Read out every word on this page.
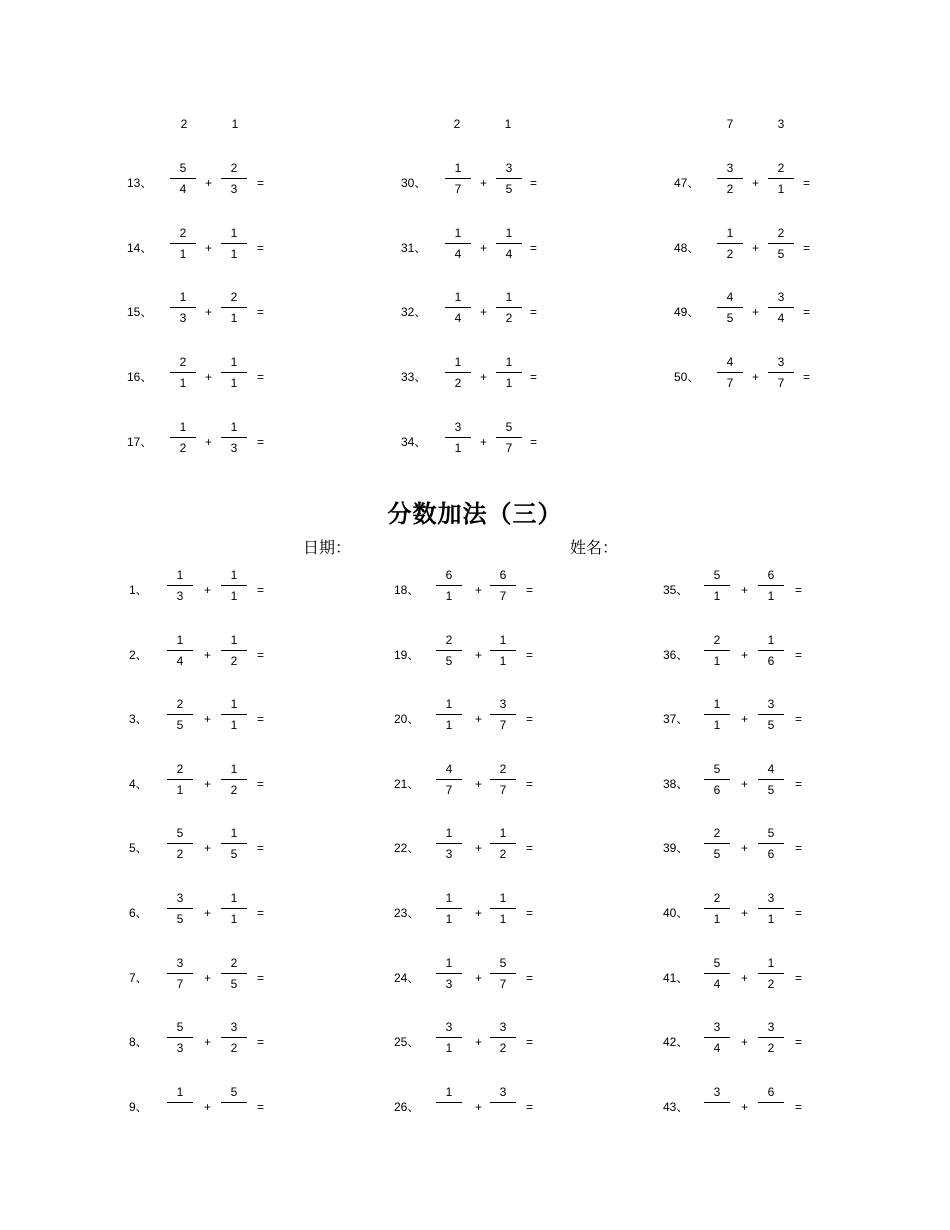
2	1	2	1	7	3
13、
5
4	+
2
3	=
14、
2
1	+
1
1	=
15、
1
3	+
2
1	=
16、
2
1	+
1
1	=
17、
1
2	+
1
3	=
30、
1
7	+
3
5	=
31、
1
4	+
1
4	=
32、
1
4	+
1
2	=
33、
1
2	+
1
1	=
34、
3
1	+
5
7	=
47、
3
2	+
2
1	=
48、
1
2	+
2
5	=
49、
4
5	+
3
4	=
50、
4
7	+
3
7	=
分数加法（三）
日期：	姓名：
1、
1
3	+
1
1	=
2、
1
4	+
1
2	=
3、
2
5	+
1
1	=
4、
2
1	+
1
2	=
5、
5
2	+
1
5	=
6、
3
5	+
1
1	=
7、
3
7	+
2
5	=
8、
5
3	+
3
2	=
9、
1
+
5
=
18、
6
1	+
6
7	=
19、
2
5	+
1
1	=
20、
1
1	+
3
7	=
21、
4
7	+
2
7	=
22、
1
3	+
1
2	=
23、
1
1	+
1
1	=
24、
1
3	+
5
7	=
25、
3
1	+
3
2	=
26、
1
+
3
=
35、
5
1	+
6
1	=
36、
2
1	+
1
6	=
37、
1
1	+
3
5	=
38、
5
6	+
4
5	=
39、
2
5	+
5
6	=
40、
2
1	+
3
1	=
41、
5
4	+
1
2	=
42、
3
4	+
3
2	=
43、
3
+
6
=
